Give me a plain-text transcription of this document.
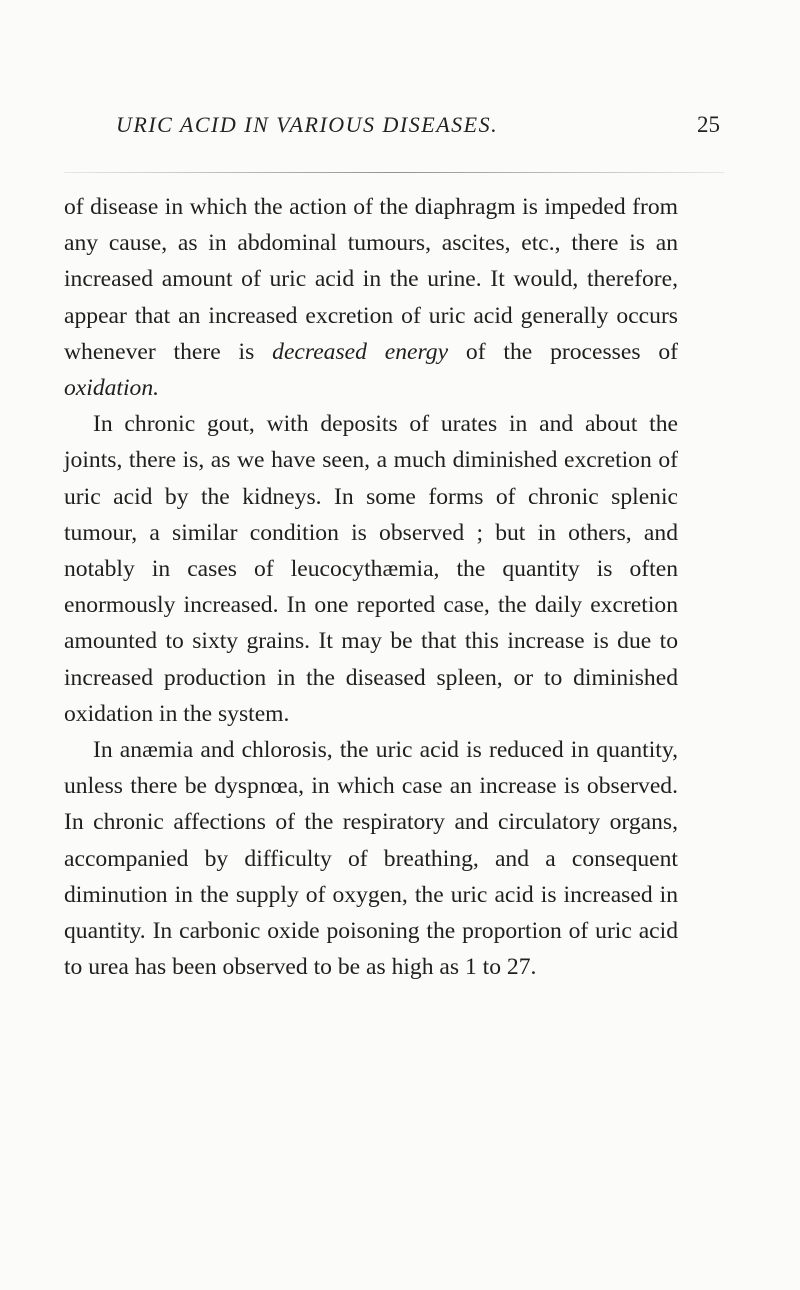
URIC ACID IN VARIOUS DISEASES.	25

of disease in which the action of the diaphragm is impeded from any cause, as in abdominal tumours, ascites, etc., there is an increased amount of uric acid in the urine. It would, therefore, appear that an increased excretion of uric acid generally occurs whenever there is decreased energy of the processes of oxidation.

In chronic gout, with deposits of urates in and about the joints, there is, as we have seen, a much diminished excretion of uric acid by the kidneys. In some forms of chronic splenic tumour, a similar condition is observed ; but in others, and notably in cases of leucocythæmia, the quantity is often enormously increased. In one reported case, the daily excretion amounted to sixty grains. It may be that this increase is due to increased production in the diseased spleen, or to diminished oxidation in the system.

In anæmia and chlorosis, the uric acid is reduced in quantity, unless there be dyspnœa, in which case an increase is observed. In chronic affections of the respiratory and circulatory organs, accompanied by difficulty of breathing, and a consequent diminution in the supply of oxygen, the uric acid is increased in quantity. In carbonic oxide poisoning the proportion of uric acid to urea has been observed to be as high as 1 to 27.
